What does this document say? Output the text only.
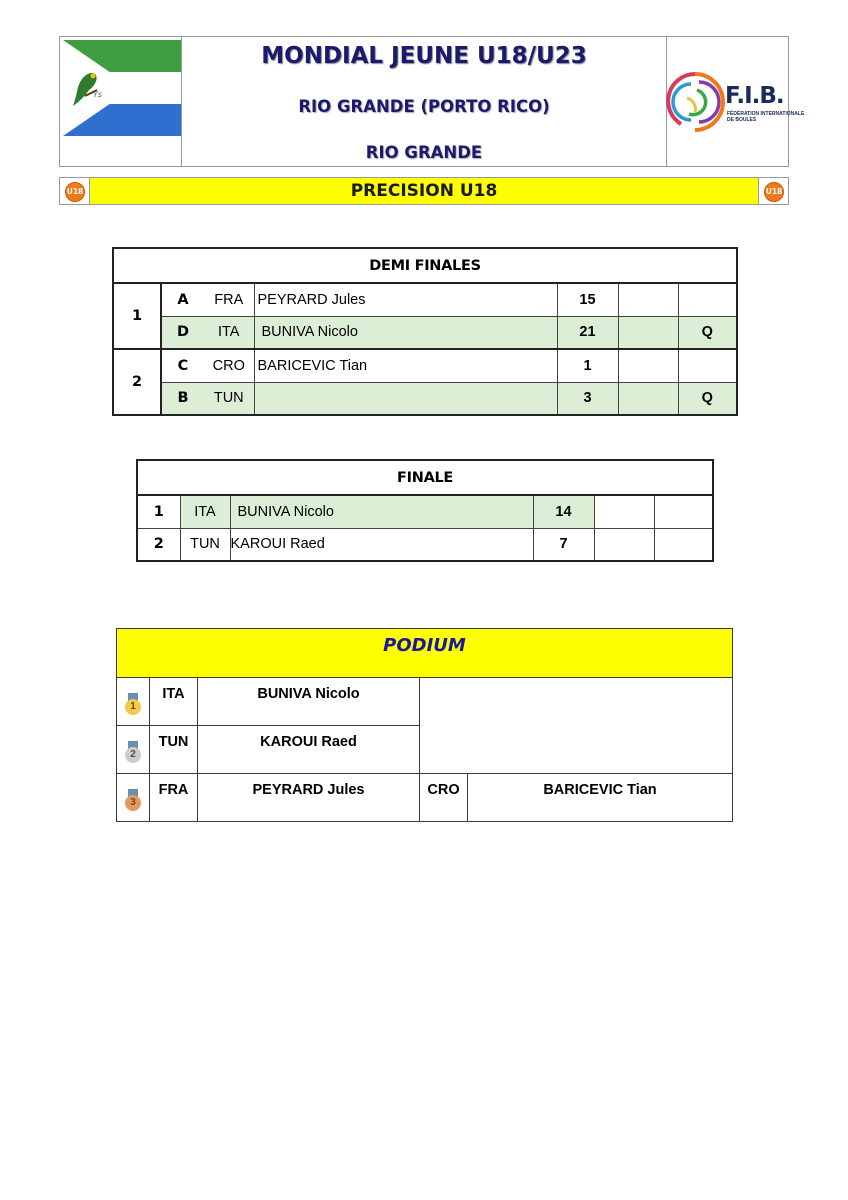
Ys
MONDIAL JEUNE U18/U23
RIO GRANDE (PORTO RICO)
RIO GRANDE
F.I.B.
FÉDÉRATION INTERNATIONALE
DE BOULES
U18	PRECISION U18	U18
DEMI FINALES						
1	A	FRA	PEYRARD Jules	15		
	D	ITA	BUNIVA Nicolo	21		Q
2	C	CRO	BARICEVIC Tian	1		
	B	TUN		3		Q
FINALE					
1	ITA	BUNIVA Nicolo	14		
2	TUN	KAROUI Raed	7		
PODIUM				

1	ITA	BUNIVA Nicolo		

2	TUN	KAROUI Raed		

3	FRA	PEYRARD Jules	CRO	BARICEVIC Tian
